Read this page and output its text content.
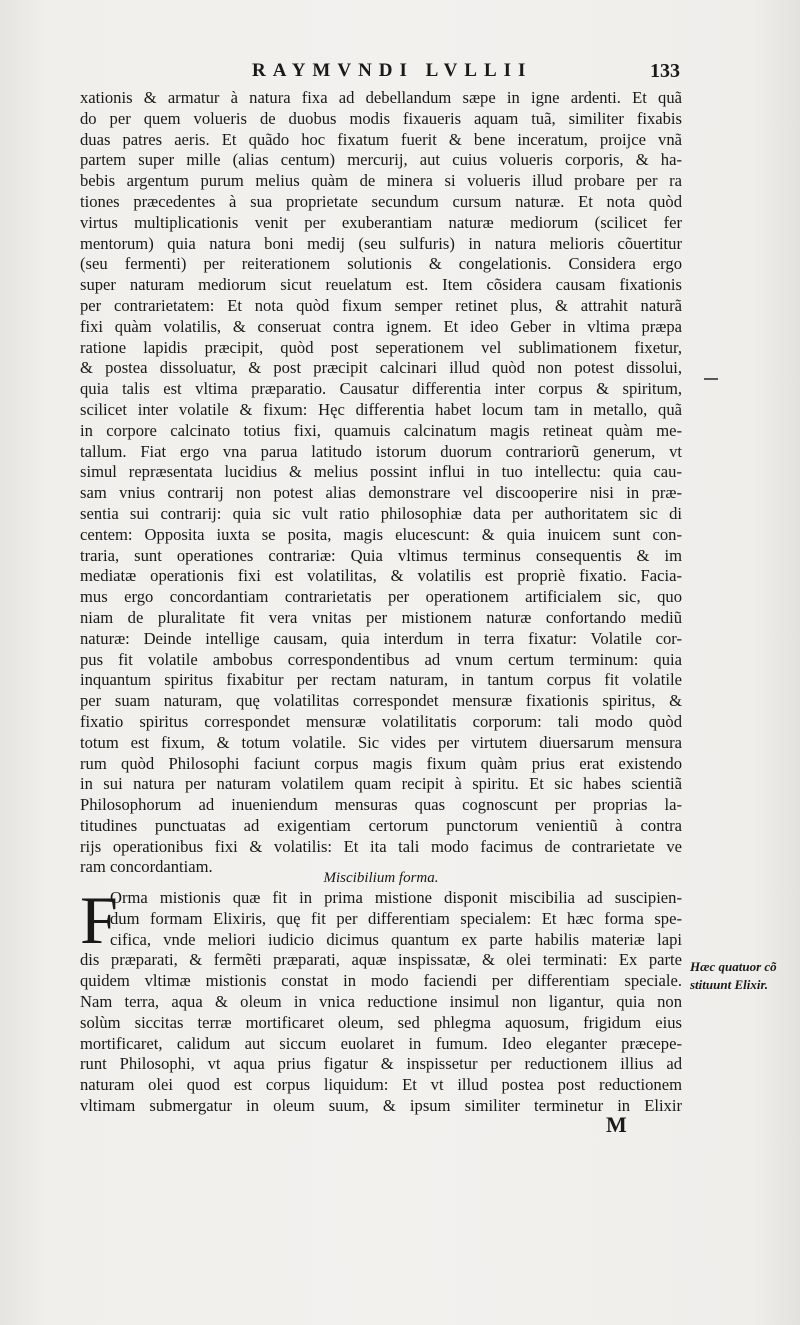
RAYMVNDI LVLLII	133
xationis & armatur à natura fixa ad debellandum sæpe in igne ardenti. Et quã
do per quem volueris de duobus modis fixaueris aquam tuã, similiter fixabis
duas patres aeris. Et quãdo hoc fixatum fuerit & bene inceratum, proijce vnã
partem super mille (alias centum) mercurij, aut cuius volueris corporis, & ha-
bebis argentum purum melius quàm de minera si volueris illud probare per ra
tiones præcedentes à sua proprietate secundum cursum naturæ. Et nota quòd
virtus multiplicationis venit per exuberantiam naturæ mediorum (scilicet fer
mentorum) quia natura boni medij (seu sulfuris) in natura melioris cõuertitur
(seu fermenti) per reiterationem solutionis & congelationis. Considera ergo
super naturam mediorum sicut reuelatum est. Item cõsidera causam fixationis
per contrarietatem: Et nota quòd fixum semper retinet plus, & attrahit naturã
fixi quàm volatilis, & conseruat contra ignem. Et ideo Geber in vltima præpa
ratione lapidis præcipit, quòd post seperationem vel sublimationem fixetur,
& postea dissoluatur, & post præcipit calcinari illud quòd non potest dissolui,
quia talis est vltima præparatio. Causatur differentia inter corpus & spiritum,
scilicet inter volatile & fixum: Hęc differentia habet locum tam in metallo, quã
in corpore calcinato totius fixi, quamuis calcinatum magis retineat quàm me-
tallum. Fiat ergo vna parua latitudo istorum duorum contrariorũ generum, vt
simul repræsentata lucidius & melius possint influi in tuo intellectu: quia cau-
sam vnius contrarij non potest alias demonstrare vel discooperire nisi in præ-
sentia sui contrarij: quia sic vult ratio philosophiæ data per authoritatem sic di
centem: Opposita iuxta se posita, magis elucescunt: & quia inuicem sunt con-
traria, sunt operationes contrariæ: Quia vltimus terminus consequentis & im
mediatæ operationis fixi est volatilitas, & volatilis est propriè fixatio. Facia-
mus ergo concordantiam contrarietatis per operationem artificialem sic, quo
niam de pluralitate fit vera vnitas per mistionem naturæ confortando mediũ
naturæ: Deinde intellige causam, quia interdum in terra fixatur: Volatile cor-
pus fit volatile ambobus correspondentibus ad vnum certum terminum: quia
inquantum spiritus fixabitur per rectam naturam, in tantum corpus fit volatile
per suam naturam, quę volatilitas correspondet mensuræ fixationis spiritus, &
fixatio spiritus correspondet mensuræ volatilitatis corporum: tali modo quòd
totum est fixum, & totum volatile. Sic vides per virtutem diuersarum mensura
rum quòd Philosophi faciunt corpus magis fixum quàm prius erat existendo
in sui natura per naturam volatilem quam recipit à spiritu. Et sic habes scientiã
Philosophorum ad inueniendum mensuras quas cognoscunt per proprias la-
titudines punctuatas ad exigentiam certorum punctorum venientiũ à contra
rijs operationibus fixi & volatilis: Et ita tali modo facimus de contrarietate ve
ram concordantiam.
Miscibilium forma.
F
Orma mistionis quæ fit in prima mistione disponit miscibilia ad suscipien-
dum formam Elixiris, quę fit per differentiam specialem: Et hæc forma spe-
cifica, vnde meliori iudicio dicimus quantum ex parte habilis materiæ lapi
dis præparati, & fermẽti præparati, aquæ inspissatæ, & olei terminati: Ex parte
quidem vltimæ mistionis constat in modo faciendi per differentiam speciale.
Nam terra, aqua & oleum in vnica reductione insimul non ligantur, quia non
solùm siccitas terræ mortificaret oleum, sed phlegma aquosum, frigidum eius
mortificaret, calidum aut siccum euolaret in fumum. Ideo eleganter præcepe-
runt Philosophi, vt aqua prius figatur & inspissetur per reductionem illius ad
naturam olei quod est corpus liquidum: Et vt illud postea post reductionem
vltimam submergatur in oleum suum, & ipsum similiter terminetur in Elixir
Hæc quatuor cõ
stituunt Elixir.
M
